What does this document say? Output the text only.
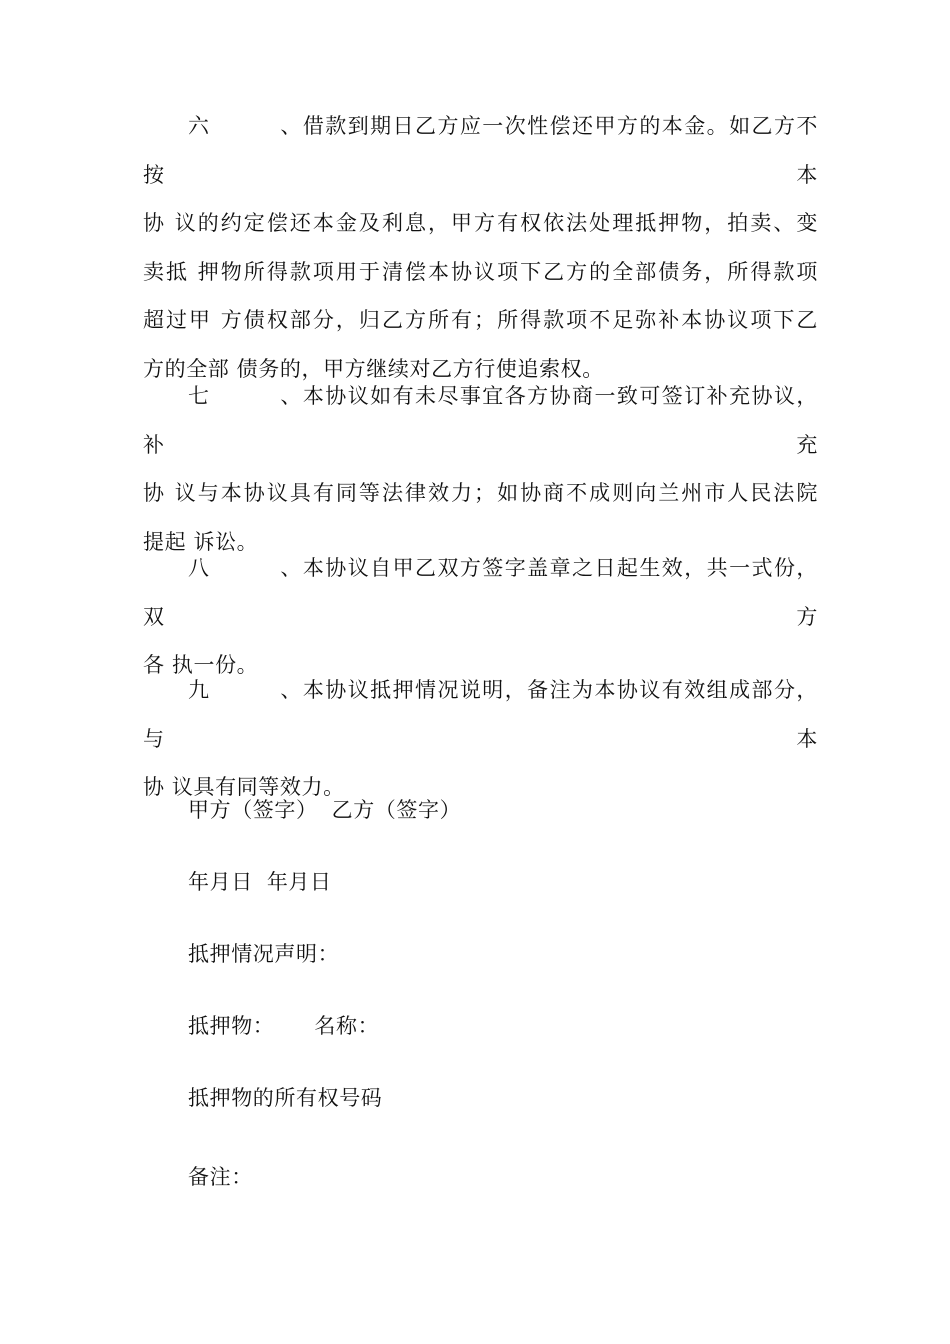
六、借款到期日乙方应一次性偿还甲方的本金。如乙方不按本
协 议的约定偿还本金及利息，甲方有权依法处理抵押物，拍卖、变
卖抵 押物所得款项用于清偿本协议项下乙方的全部债务，所得款项
超过甲 方债权部分，归乙方所有；所得款项不足弥补本协议项下乙
方的全部 债务的，甲方继续对乙方行使追索权。
七、本协议如有未尽事宜各方协商一致可签订补充协议，补充
协 议与本协议具有同等法律效力；如协商不成则向兰州市人民法院
提起 诉讼。
八、本协议自甲乙双方签字盖章之日起生效，共一式份，双方
各 执一份。
九、本协议抵押情况说明，备注为本协议有效组成部分，与本
协 议具有同等效力。
甲方（签字） 乙方（签字）
年月日 年月日
抵押情况声明：
抵押物： 名称：
抵押物的所有权号码
备注：
